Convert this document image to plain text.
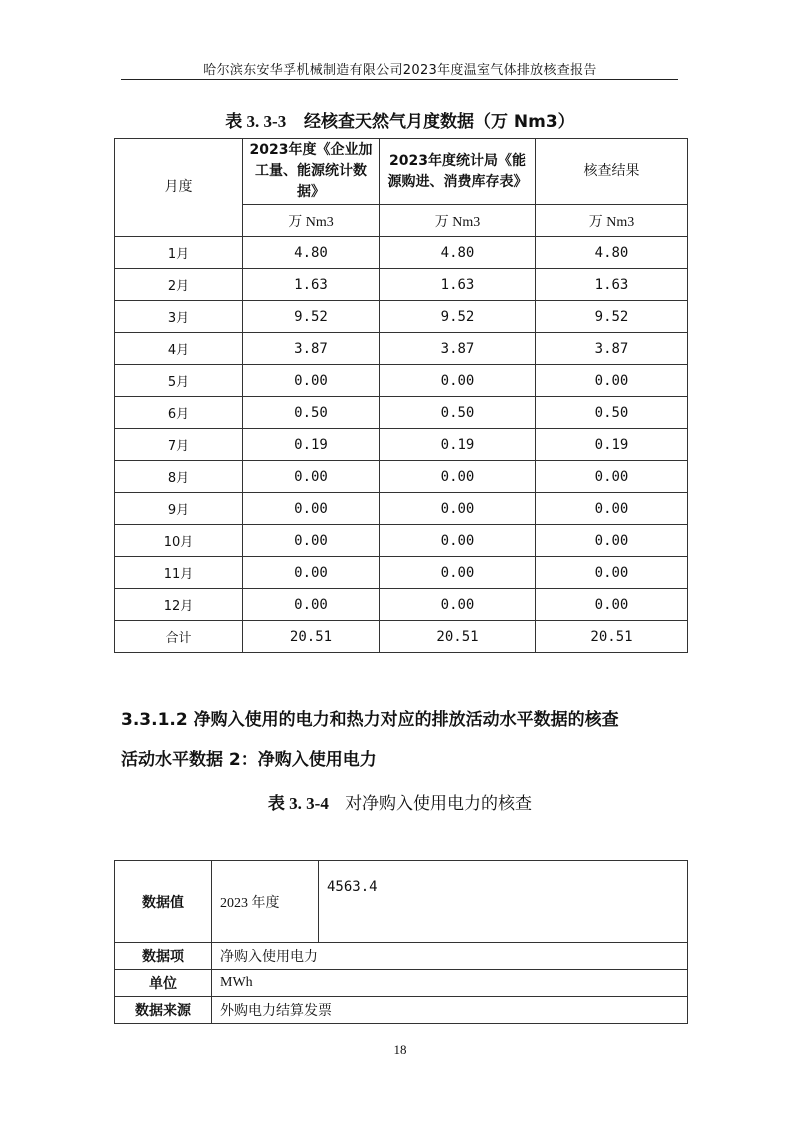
哈尔滨东安华孚机械制造有限公司2023年度温室气体排放核查报告
表 3. 3-3 经核查天然气月度数据（万 Nm3）
月度	2023年度《企业加工量、能源统计数据》	2023年度统计局《能源购进、消费库存表》	核查结果
	万 Nm3	万 Nm3	万 Nm3
1月	4.80	4.80	4.80
2月	1.63	1.63	1.63
3月	9.52	9.52	9.52
4月	3.87	3.87	3.87
5月	0.00	0.00	0.00
6月	0.50	0.50	0.50
7月	0.19	0.19	0.19
8月	0.00	0.00	0.00
9月	0.00	0.00	0.00
10月	0.00	0.00	0.00
11月	0.00	0.00	0.00
12月	0.00	0.00	0.00
合计	20.51	20.51	20.51
3.3.1.2 净购入使用的电力和热力对应的排放活动水平数据的核查
活动水平数据 2：净购入使用电力
表 3. 3-4 对净购入使用电力的核查
数据值	2023 年度	4563.4
数据项	净购入使用电力	
单位	MWh	
数据来源	外购电力结算发票	
18
